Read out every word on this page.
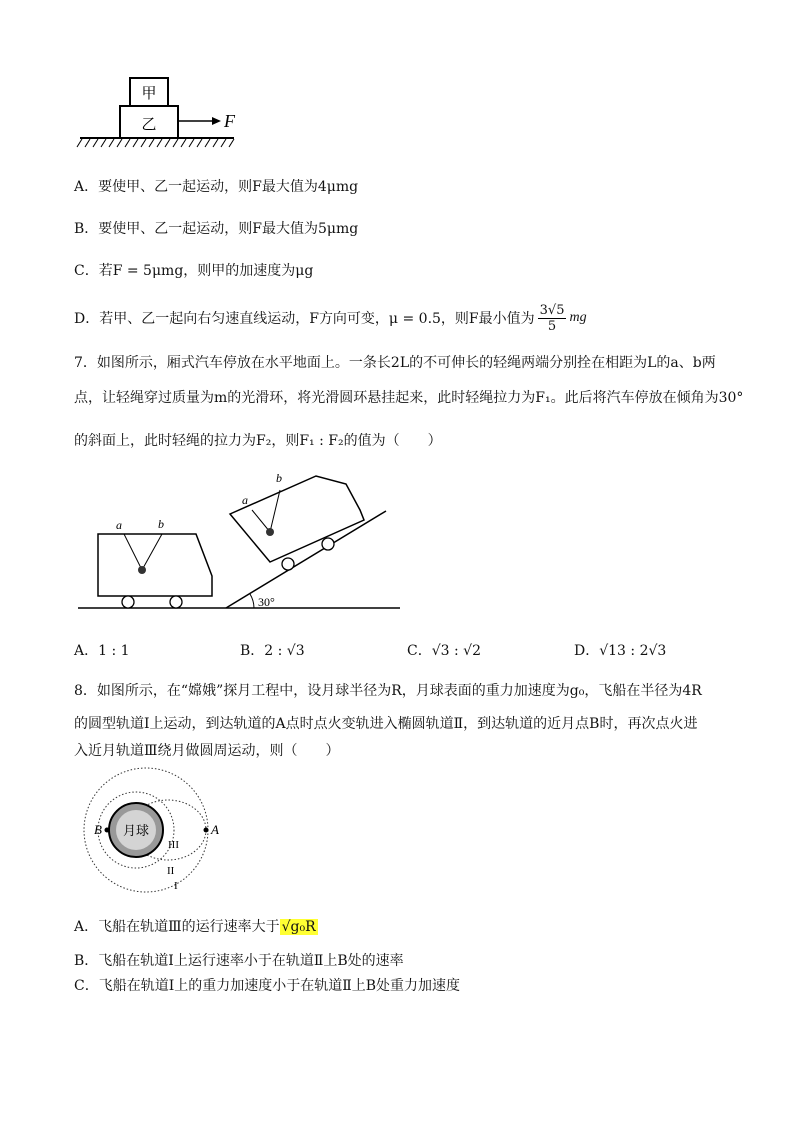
甲
乙	F
A．要使甲、乙一起运动，则F最大值为4μmg
B．要使甲、乙一起运动，则F最大值为5μmg
C．若F = 5μmg，则甲的加速度为μg
D．若甲、乙一起向右匀速直线运动，F方向可变，μ = 0.5，则F最小值为 $\frac{3√5}{5}$ mg
7．如图所示，厢式汽车停放在水平地面上。一条长2L的不可伸长的轻绳两端分别拴在相距为L的a、b两
点，让轻绳穿过质量为m的光滑环，将光滑圆环悬挂起来，此时轻绳拉力为F₁。此后将汽车停放在倾角为30°
的斜面上，此时轻绳的拉力为F₂，则F₁ : F₂的值为（　　）
a	b
30°
a
b
A．1 : 1	B．2 : √3	C．√3 : √2	D．√13 : 2√3
8．如图所示，在“嫦娥”探月工程中，设月球半径为R，月球表面的重力加速度为g₀，飞船在半径为4R
的圆型轨道Ⅰ上运动，到达轨道的A点时点火变轨进入椭圆轨道Ⅱ，到达轨道的近月点B时，再次点火进
入近月轨道Ⅲ绕月做圆周运动，则（　　）
月球
B	A
III
II
I
A．飞船在轨道Ⅲ的运行速率大于 √g₀R
B．飞船在轨道Ⅰ上运行速率小于在轨道Ⅱ上B处的速率
C．飞船在轨道Ⅰ上的重力加速度小于在轨道Ⅱ上B处重力加速度
